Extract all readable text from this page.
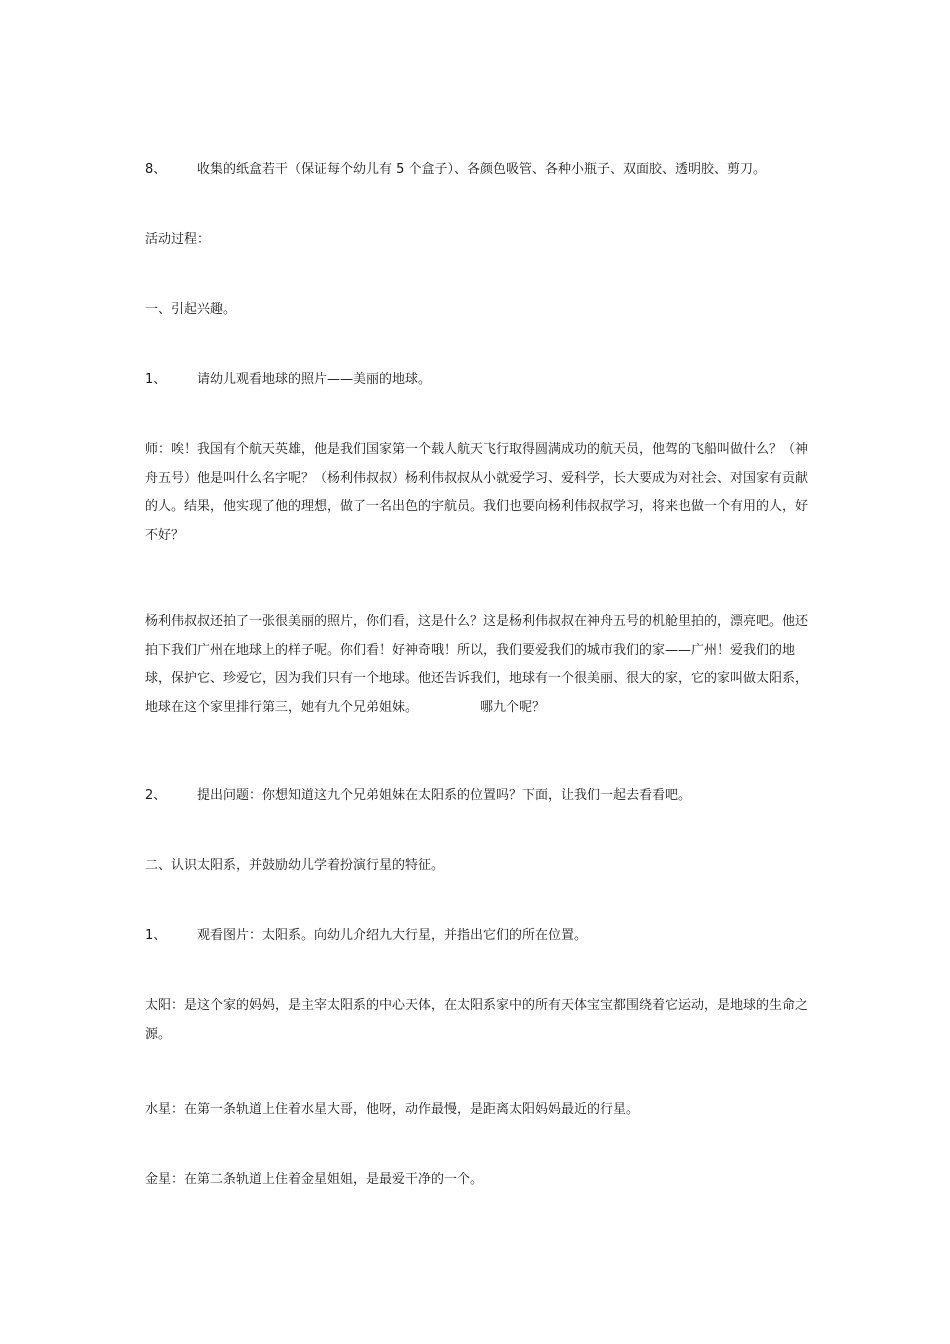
8、 收集的纸盒若干（保证每个幼儿有 5 个盒子）、各颜色吸管、各种小瓶子、双面胶、透明胶、剪刀。

活动过程：

一、引起兴趣。

1、 请幼儿观看地球的照片——美丽的地球。

师：唉！我国有个航天英雄，他是我们国家第一个载人航天飞行取得圆满成功的航天员，他驾的飞船叫做什么？（神舟五号）他是叫什么名字呢？（杨利伟叔叔）杨利伟叔叔从小就爱学习、爱科学，长大要成为对社会、对国家有贡献的人。结果，他实现了他的理想，做了一名出色的宇航员。我们也要向杨利伟叔叔学习，将来也做一个有用的人，好不好？

杨利伟叔叔还拍了一张很美丽的照片，你们看，这是什么？这是杨利伟叔叔在神舟五号的机舱里拍的，漂亮吧。他还拍下我们广州在地球上的样子呢。你们看！好神奇哦！所以，我们要爱我们的城市我们的家——广州！爱我们的地球，保护它、珍爱它，因为我们只有一个地球。他还告诉我们，地球有一个很美丽、很大的家，它的家叫做太阳系，地球在这个家里排行第三，她有九个兄弟姐妹。	哪九个呢？

2、 提出问题：你想知道这九个兄弟姐妹在太阳系的位置吗？下面，让我们一起去看看吧。

二、认识太阳系，并鼓励幼儿学着扮演行星的特征。

1、 观看图片：太阳系。向幼儿介绍九大行星，并指出它们的所在位置。

太阳：是这个家的妈妈，是主宰太阳系的中心天体，在太阳系家中的所有天体宝宝都围绕着它运动，是地球的生命之源。

水星：在第一条轨道上住着水星大哥，他呀，动作最慢，是距离太阳妈妈最近的行星。

金星：在第二条轨道上住着金星姐姐，是最爱干净的一个。
